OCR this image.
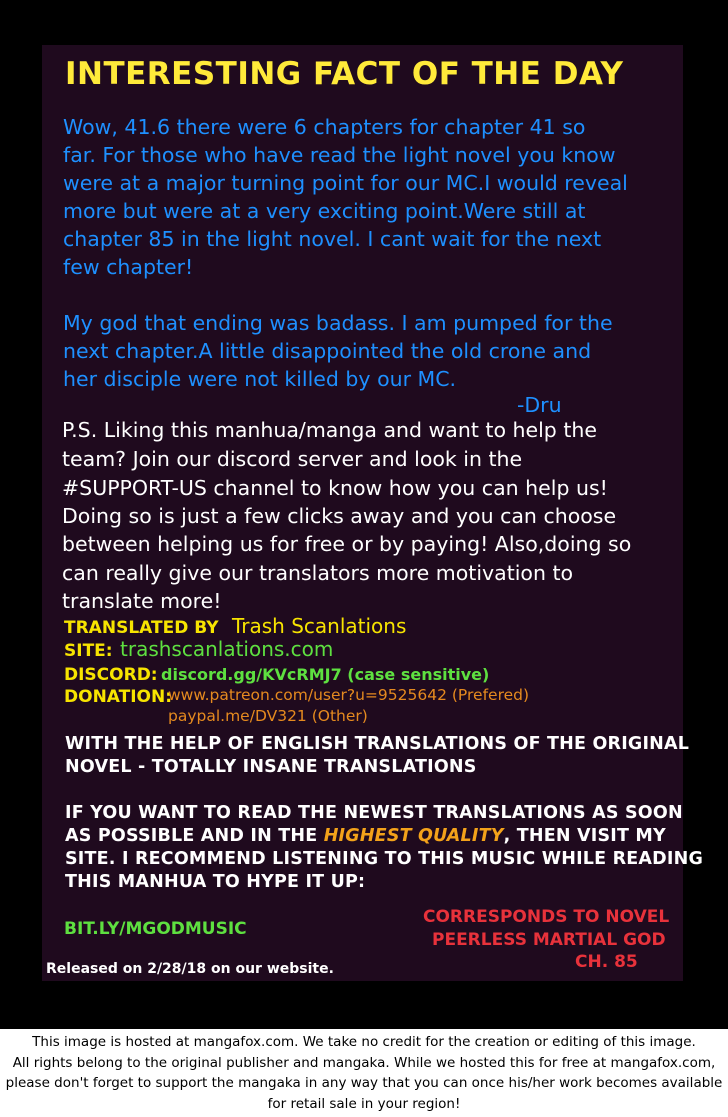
INTERESTING FACT OF THE DAY
Wow, 41.6 there were 6 chapters for chapter 41 so
far. For those who have read the light novel you know
were at a major turning point for our MC.I would reveal
more but were at a very exciting point.Were still at
chapter 85 in the light novel. I cant wait for the next
few chapter!
My god that ending was badass. I am pumped for the
next chapter.A little disappointed the old crone and
her disciple were not killed by our MC.
-Dru
P.S. Liking this manhua/manga and want to help the
team? Join our discord server and look in the
#SUPPORT-US channel to know how you can help us!
Doing so is just a few clicks away and you can choose
between helping us for free or by paying! Also,doing so
can really give our translators more motivation to
translate more!
TRANSLATED BY Trash Scanlations
SITE: trashscanlations.com
DISCORD: discord.gg/KVcRMJ7 (case sensitive)
DONATION:
www.patreon.com/user?u=9525642 (Prefered)
paypal.me/DV321 (Other)
WITH THE HELP OF ENGLISH TRANSLATIONS OF THE ORIGINAL
NOVEL - TOTALLY INSANE TRANSLATIONS
IF YOU WANT TO READ THE NEWEST TRANSLATIONS AS SOON
AS POSSIBLE AND IN THE HIGHEST QUALITY, THEN VISIT MY
SITE. I RECOMMEND LISTENING TO THIS MUSIC WHILE READING
THIS MANHUA TO HYPE IT UP:
BIT.LY/MGODMUSIC
CORRESPONDS TO NOVEL
PEERLESS MARTIAL GOD
CH. 85
Released on 2/28/18 on our website.
This image is hosted at mangafox.com. We take no credit for the creation or editing of this image.
All rights belong to the original publisher and mangaka. While we hosted this for free at mangafox.com,
please don't forget to support the mangaka in any way that you can once his/her work becomes available
for retail sale in your region!
